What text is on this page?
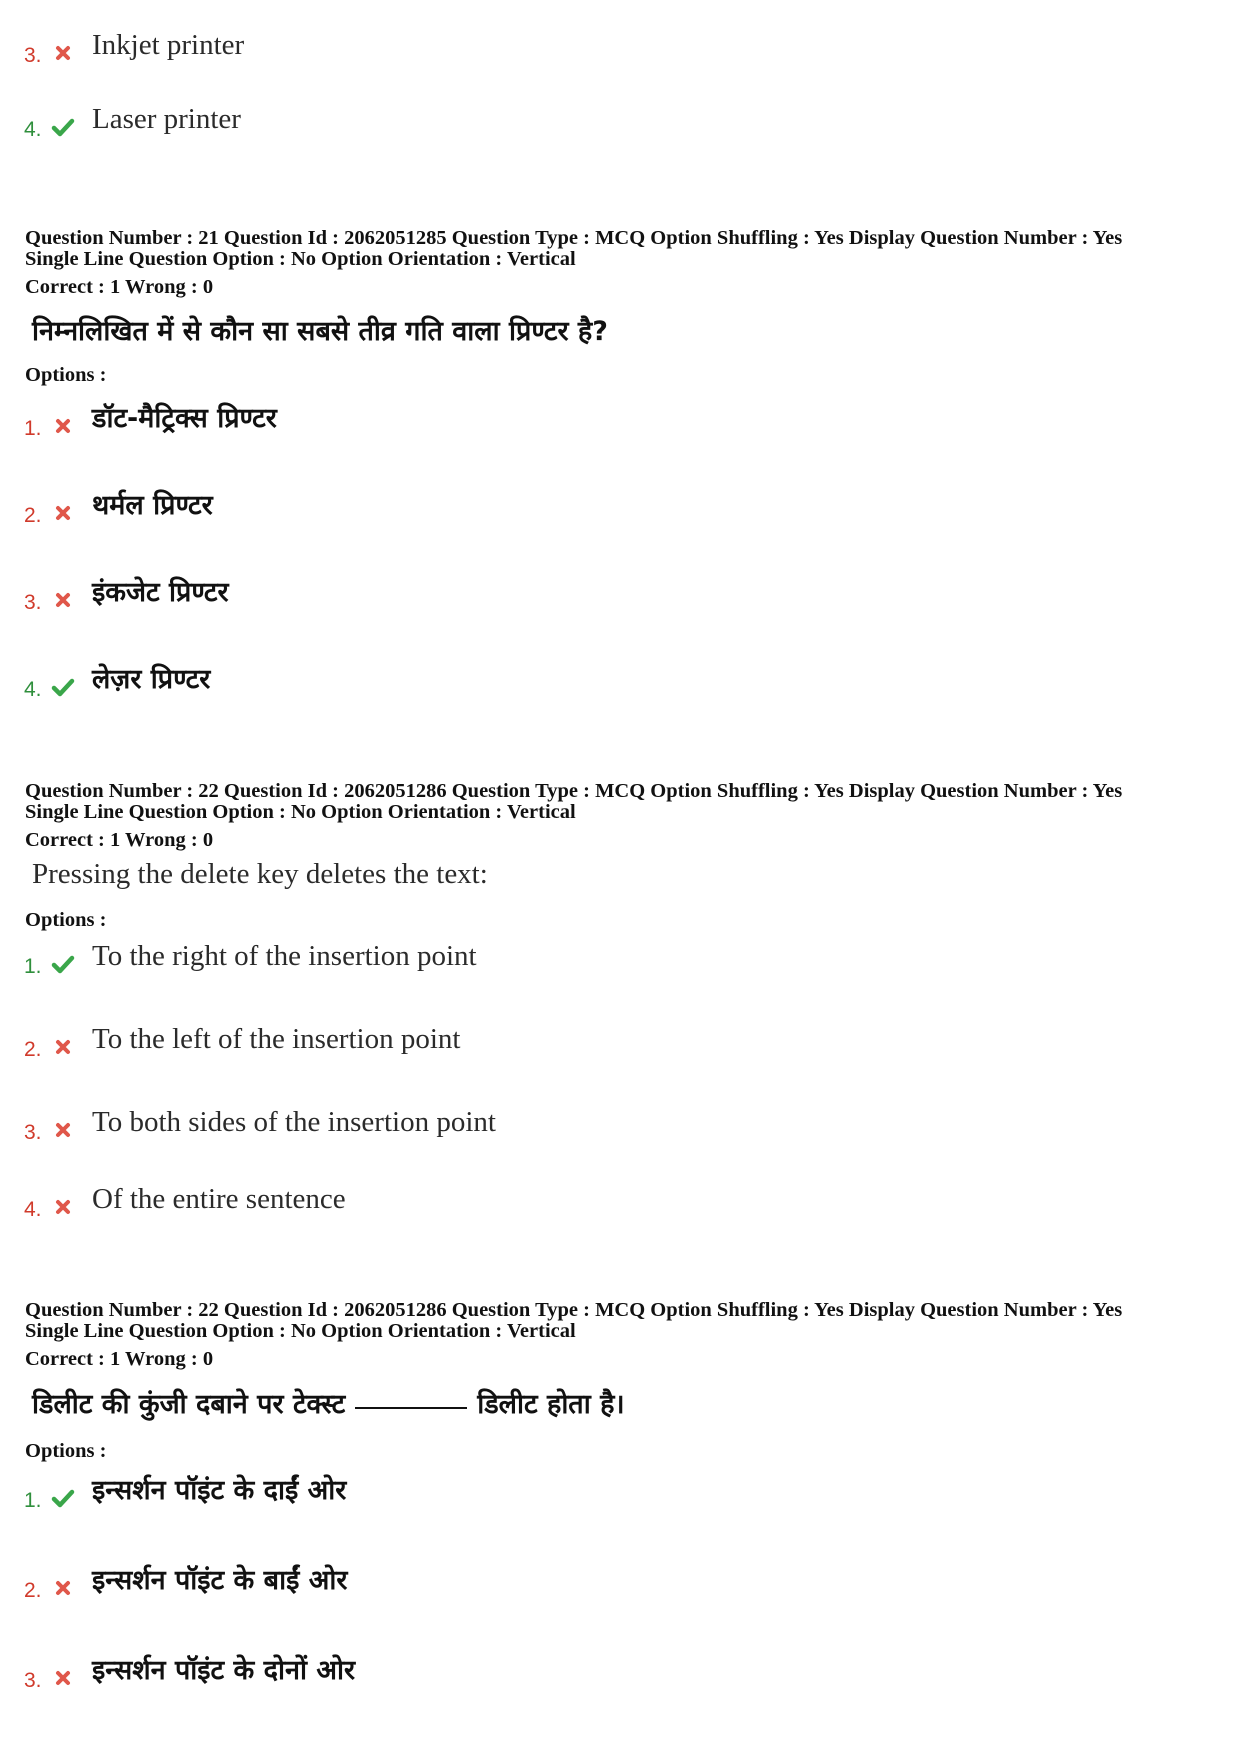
3. Inkjet printer
4. Laser printer
Question Number : 21 Question Id : 2062051285 Question Type : MCQ Option Shuffling : Yes Display Question Number : Yes
Single Line Question Option : No Option Orientation : Vertical
Correct : 1 Wrong : 0
निम्नलिखित में से कौन सा सबसे तीव्र गति वाला प्रिण्टर है?
Options :
1. डॉट-मैट्रिक्स प्रिण्टर
2. थर्मल प्रिण्टर
3. इंकजेट प्रिण्टर
4. लेज़र प्रिण्टर
Question Number : 22 Question Id : 2062051286 Question Type : MCQ Option Shuffling : Yes Display Question Number : Yes
Single Line Question Option : No Option Orientation : Vertical
Correct : 1 Wrong : 0
Pressing the delete key deletes the text:
Options :
1. To the right of the insertion point
2. To the left of the insertion point
3. To both sides of the insertion point
4. Of the entire sentence
Question Number : 22 Question Id : 2062051286 Question Type : MCQ Option Shuffling : Yes Display Question Number : Yes
Single Line Question Option : No Option Orientation : Vertical
Correct : 1 Wrong : 0
डिलीट की कुंजी दबाने पर टेक्स्ट	डिलीट होता है।
Options :
1. इन्सर्शन पॉइंट के दाईं ओर
2. इन्सर्शन पॉइंट के बाईं ओर
3. इन्सर्शन पॉइंट के दोनों ओर
